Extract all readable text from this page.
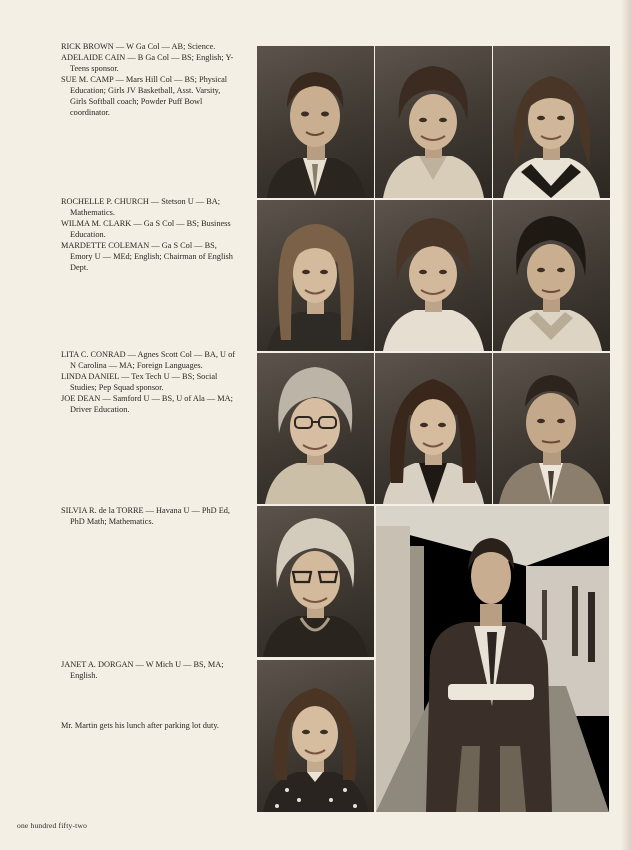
RICK BROWN — W Ga Col — AB; Science.

ADELAIDE CAIN — B Ga Col — BS; English; Y-Teens sponsor.

SUE M. CAMP — Mars Hill Col — BS; Physical Education; Girls JV Basketball, Asst. Varsity, Girls Softball coach; Powder Puff Bowl coordinator.

ROCHELLE P. CHURCH — Stetson U — BA; Mathematics.

WILMA M. CLARK — Ga S Col — BS; Business Education.

MARDETTE COLEMAN — Ga S Col — BS, Emory U — MEd; English; Chairman of English Dept.

LITA C. CONRAD — Agnes Scott Col — BA, U of N Carolina — MA; Foreign Languages.

LINDA DANIEL — Tex Tech U — BS; Social Studies; Pep Squad sponsor.

JOE DEAN — Samford U — BS, U of Ala — MA; Driver Education.

SILVIA R. de la TORRE — Havana U — PhD Ed, PhD Math; Mathematics.

JANET A. DORGAN — W Mich U — BS, MA; English.

Mr. Martin gets his lunch after parking lot duty.
one hundred fifty-two
